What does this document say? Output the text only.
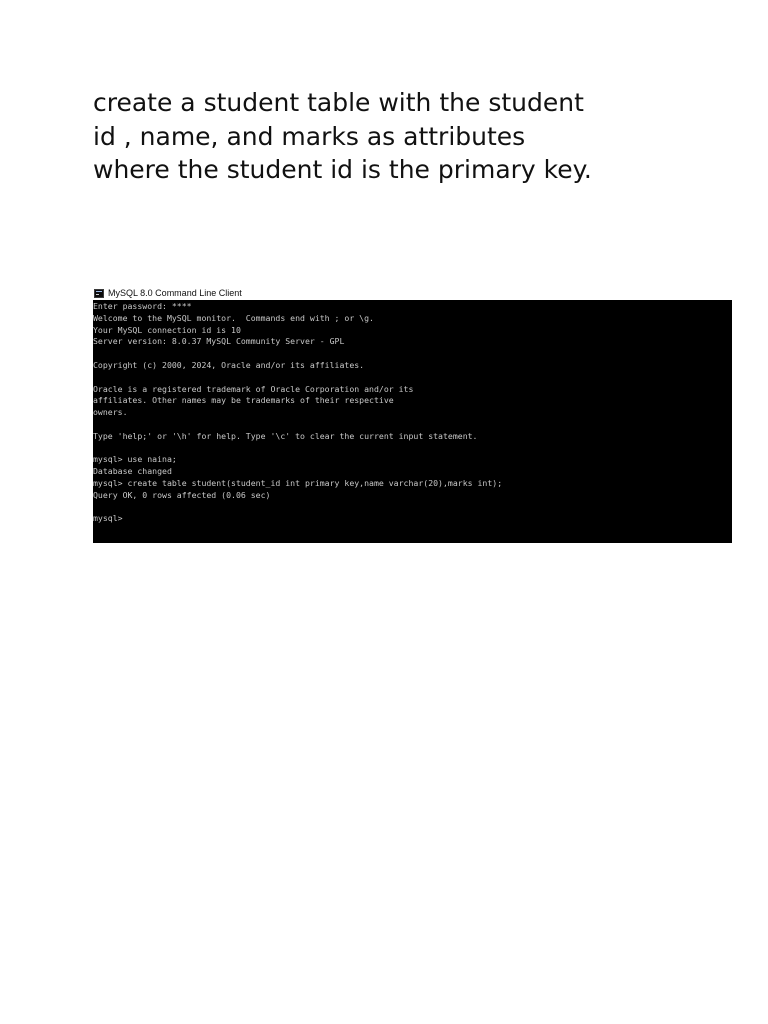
create a student table with the student
id , name, and marks as attributes
where the student id is the primary key.

MySQL 8.0 Command Line Client
Enter password: ****
Welcome to the MySQL monitor.  Commands end with ; or \g.
Your MySQL connection id is 10
Server version: 8.0.37 MySQL Community Server - GPL
Copyright (c) 2000, 2024, Oracle and/or its affiliates.
Oracle is a registered trademark of Oracle Corporation and/or its
affiliates. Other names may be trademarks of their respective
owners.
Type 'help;' or '\h' for help. Type '\c' to clear the current input statement.
mysql> use naina;
Database changed
mysql> create table student(student_id int primary key,name varchar(20),marks int);
Query OK, 0 rows affected (0.06 sec)
mysql>
